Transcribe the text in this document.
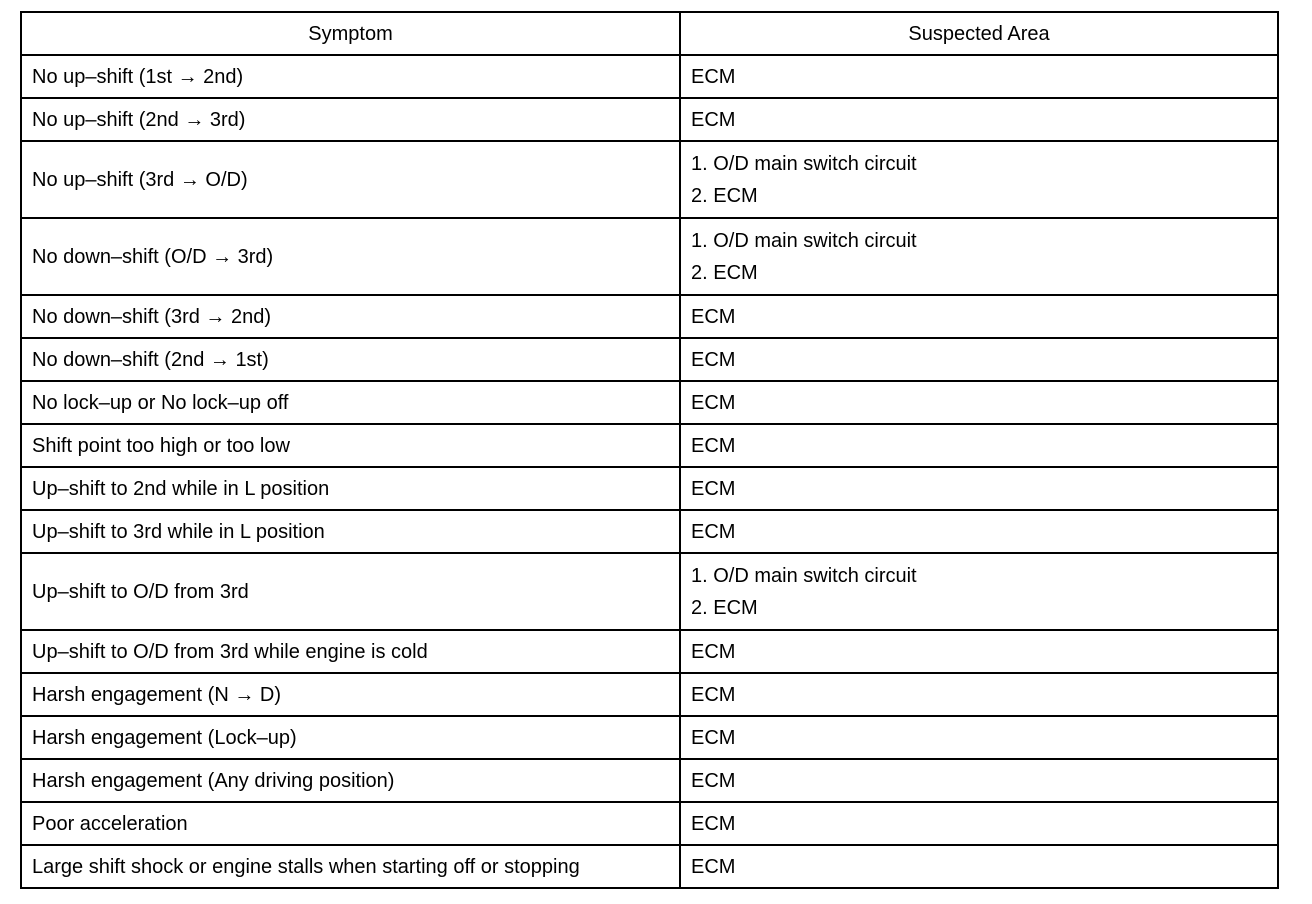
Symptom	Suspected Area
No up–shift (1st → 2nd)	ECM
No up–shift (2nd → 3rd)	ECM
No up–shift (3rd → O/D)	1. O/D main switch circuit
2. ECM

No down–shift (O/D → 3rd)	1. O/D main switch circuit
2. ECM

No down–shift (3rd → 2nd)	ECM
No down–shift (2nd → 1st)	ECM
No lock–up or No lock–up off	ECM
Shift point too high or too low	ECM
Up–shift to 2nd while in L position	ECM
Up–shift to 3rd while in L position	ECM
Up–shift to O/D from 3rd	1. O/D main switch circuit
2. ECM

Up–shift to O/D from 3rd while engine is cold	ECM
Harsh engagement (N → D)	ECM
Harsh engagement (Lock–up)	ECM
Harsh engagement (Any driving position)	ECM
Poor acceleration	ECM
Large shift shock or engine stalls when starting off or stopping	ECM
